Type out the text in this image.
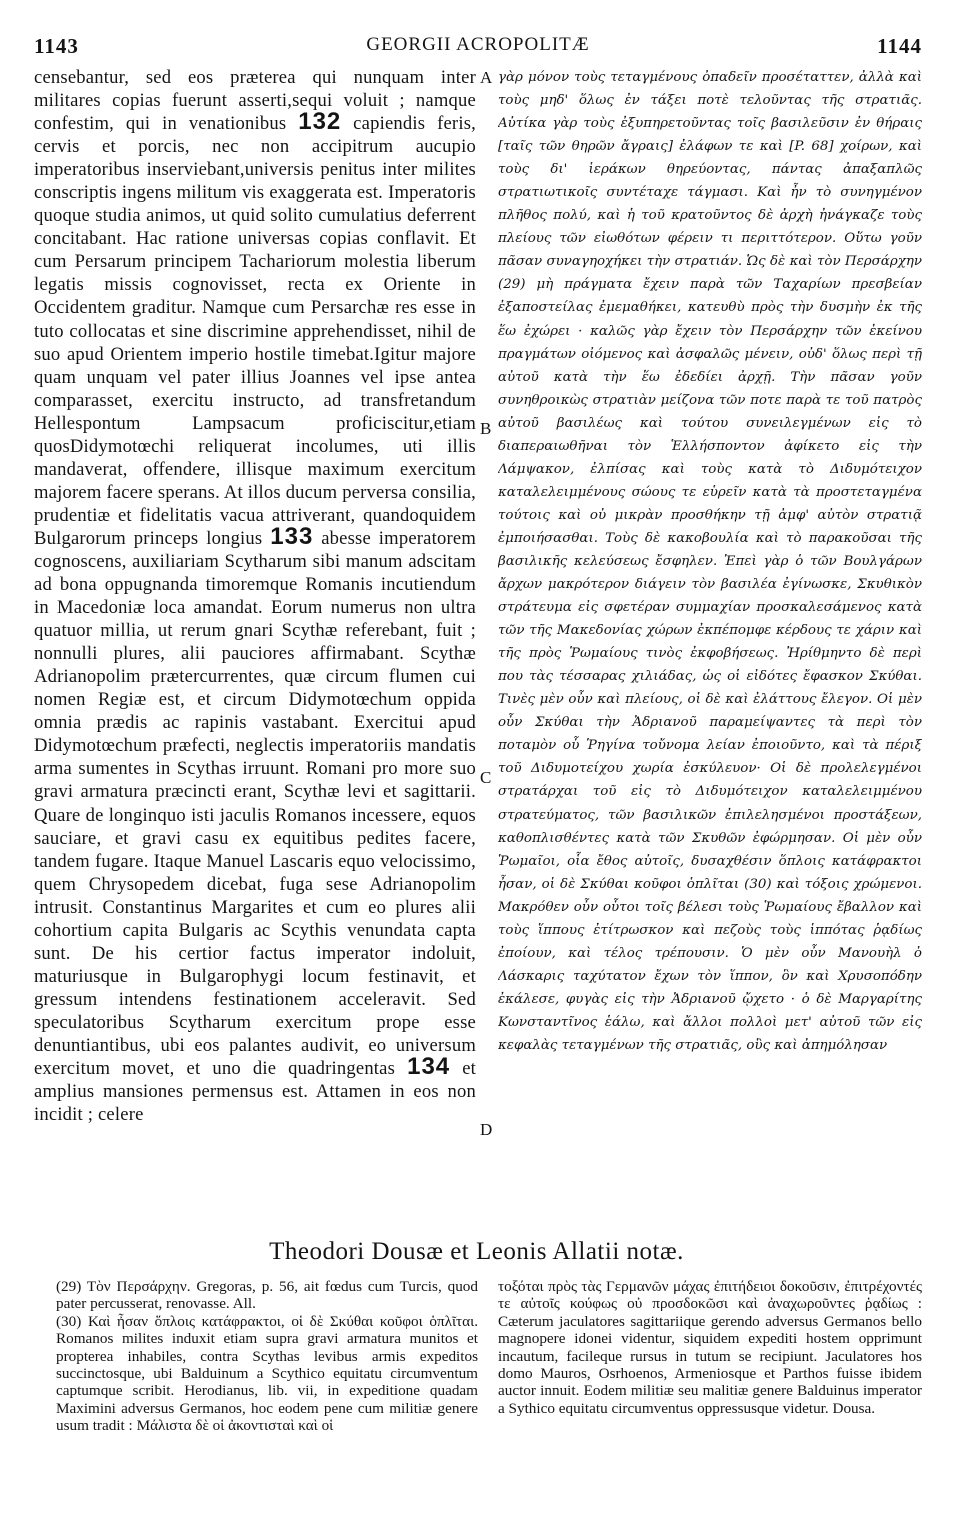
1143	GEORGII ACROPOLITÆ	1144

censebantur, sed eos præterea qui nunquam inter militares copias fuerunt asserti,sequi voluit ; namque confestim, qui in venationibus 132 capiendis feris, cervis et porcis, nec non accipitrum aucupio imperatoribus inserviebant,universis penitus inter milites conscriptis ingens militum vis exaggerata est. Imperatoris quoque studia animos, ut quid solito cumulatius deferrent concitabant. Hac ratione universas copias conflavit. Et cum Persarum principem Tachariorum molestia liberum legatis missis cognovisset, recta ex Oriente in Occidentem graditur. Namque cum Persarchæ res esse in tuto collocatas et sine discrimine apprehendisset, nihil de suo apud Orientem imperio hostile timebat.Igitur majore quam unquam vel pater illius Joannes vel ipse antea comparasset, exercitu instructo, ad transfretandum Hellespontum Lampsacum proficiscitur,etiam quosDidymotœchi reliquerat incolumes, uti illis mandaverat, offendere, illisque maximum exercitum majorem facere sperans. At illos ducum perversa consilia, prudentiæ et fidelitatis vacua attriverant, quandoquidem Bulgarorum princeps longius 133 abesse imperatorem cognoscens, auxiliariam Scytharum sibi manum adscitam ad bona oppugnanda timoremque Romanis incutiendum in Macedoniæ loca amandat. Eorum numerus non ultra quatuor millia, ut rerum gnari Scythæ referebant, fuit ; nonnulli plures, alii pauciores affirmabant. Scythæ Adrianopolim prætercurrentes, quæ circum flumen cui nomen Regiæ est, et circum Didymotœchum oppida omnia prædis ac rapinis vastabant. Exercitui apud Didymotœchum præfecti, neglectis imperatoriis mandatis arma sumentes in Scythas irruunt. Romani pro more suo gravi armatura præcincti erant, Scythæ levi et sagittarii. Quare de longinquo isti jaculis Romanos incessere, equos sauciare, et gravi casu ex equitibus pedites facere, tandem fugare. Itaque Manuel Lascaris equo velocissimo, quem Chrysopedem dicebat, fuga sese Adrianopolim intrusit. Constantinus Margarites et cum eo plures alii cohortium capita Bulgaris ac Scythis venundata capta sunt. De his certior factus imperator indoluit, maturiusque in Bulgarophygi locum festinavit, et gressum intendens festinationem acceleravit. Sed speculatoribus Scytharum exercitum prope esse denuntiantibus, ubi eos palantes audivit, eo universum exercitum movet, et uno die quadringentas 134 et amplius mansiones permensus est. Attamen in eos non incidit ; celere

A
B
C
D

γὰρ μόνον τοὺς τεταγμένους ὀπαδεῖν προσέταττεν, ἀλλὰ καὶ τοὺς μηδ' ὅλως ἐν τάξει ποτὲ τελοῦντας τῆς στρατιᾶς. Αὐτίκα γὰρ τοὺς ἐξυπηρετοῦντας τοῖς βασιλεῦσιν ἐν θήραις [ταῖς τῶν θηρῶν ἄγραις] ἐλάφων τε καὶ [P. 68] χοίρων, καὶ τοὺς δι' ἱεράκων θηρεύοντας, πάντας ἀπαξαπλῶς στρατιωτικοῖς συντέταχε τάγμασι. Καὶ ἦν τὸ συνηγμένον πλῆθος πολύ, καὶ ἡ τοῦ κρατοῦντος δὲ ἀρχὴ ἠνάγκαζε τοὺς πλείους τῶν εἰωθότων φέρειν τι περιττότερον. Οὕτω γοῦν πᾶσαν συναγηοχήκει τὴν στρατιάν. Ὡς δὲ καὶ τὸν Περσάρχην (29) μὴ πράγματα ἔχειν παρὰ τῶν Ταχαρίων πρεσβείαν ἐξαποστείλας ἐμεμαθήκει, κατευθὺ πρὸς τὴν δυσμὴν ἐκ τῆς ἕω ἐχώρει · καλῶς γὰρ ἔχειν τὸν Περσάρχην τῶν ἐκείνου πραγμάτων οἰόμενος καὶ ἀσφαλῶς μένειν, οὐδ' ὅλως περὶ τῇ αὐτοῦ κατὰ τὴν ἕω ἐδεδίει ἀρχῇ. Τὴν πᾶσαν γοῦν συνηθροικὼς στρατιὰν μείζονα τῶν ποτε παρὰ τε τοῦ πατρὸς αὐτοῦ βασιλέως καὶ τούτου συνειλεγμένων εἰς τὸ διαπεραιωθῆναι τὸν Ἑλλήσποντον ἀφίκετο εἰς τὴν Λάμψακον, ἐλπίσας καὶ τοὺς κατὰ τὸ Διδυμότειχον καταλελειμμένους σώους τε εὑρεῖν κατὰ τὰ προστεταγμένα τούτοις καὶ οὐ μικρὰν προσθήκην τῇ ἀμφ' αὐτὸν στρατιᾷ ἐμποιήσασθαι. Τοὺς δὲ κακοβουλία καὶ τὸ παρακοῦσαι τῆς βασιλικῆς κελεύσεως ἔσφηλεν. Ἐπεὶ γὰρ ὁ τῶν Βουλγάρων ἄρχων μακρότερον διάγειν τὸν βασιλέα ἐγίνωσκε, Σκυθικὸν στράτευμα εἰς σφετέραν συμμαχίαν προσκαλεσάμενος κατὰ τῶν τῆς Μακεδονίας χώρων ἐκπέπομφε κέρδους τε χάριν καὶ τῆς πρὸς Ῥωμαίους τινὸς ἐκφοβήσεως. Ἠρίθμηντο δὲ περὶ που τὰς τέσσαρας χιλιάδας, ὡς οἱ εἰδότες ἔφασκον Σκύθαι. Τινὲς μὲν οὖν καὶ πλείους, οἱ δὲ καὶ ἐλάττους ἔλεγον. Οἱ μὲν οὖν Σκύθαι τὴν Ἀδριανοῦ παραμείψαντες τὰ περὶ τὸν ποταμὸν οὗ Ῥηγίνα τοὔνομα λείαν ἐποιοῦντο, καὶ τὰ πέριξ τοῦ Διδυμοτείχου χωρία ἐσκύλευον· Οἱ δὲ προλελεγμένοι στρατάρχαι τοῦ εἰς τὸ Διδυμότειχον καταλελειμμένου στρατεύματος, τῶν βασιλικῶν ἐπιλελησμένοι προστάξεων, καθοπλισθέντες κατὰ τῶν Σκυθῶν ἐφώρμησαν. Οἱ μὲν οὖν Ῥωμαῖοι, οἷα ἔθος αὐτοῖς, δυσαχθέσιν ὅπλοις κατάφρακτοι ἦσαν, οἱ δὲ Σκύθαι κοῦφοι ὁπλῖται (30) καὶ τόξοις χρώμενοι. Μακρόθεν οὖν οὗτοι τοῖς βέλεσι τοὺς Ῥωμαίους ἔβαλλον καὶ τοὺς ἵππους ἐτίτρωσκον καὶ πεζοὺς τοὺς ἱππότας ῥᾳδίως ἐποίουν, καὶ τέλος τρέπουσιν. Ὁ μὲν οὖν Μανουὴλ ὁ Λάσκαρις ταχύτατον ἔχων τὸν ἵππον, ὃν καὶ Χρυσοπόδην ἐκάλεσε, φυγὰς εἰς τὴν Ἀδριανοῦ ᾤχετο · ὁ δὲ Μαργαρίτης Κωνσταντῖνος ἑάλω, καὶ ἄλλοι πολλοὶ μετ' αὐτοῦ τῶν εἰς κεφαλὰς τεταγμένων τῆς στρατιᾶς, οὓς καὶ ἀπημόλησαν

Theodori Dousæ et Leonis Allatii notæ.

(29) Τὸν Περσάρχην. Gregoras, p. 56, ait fœdus cum Turcis, quod pater percusserat, renovasse. All.

(30) Καὶ ἦσαν ὅπλοις κατάφρακτοι, οἱ δὲ Σκύθαι κοῦφοι ὁπλῖται. Romanos milites induxit etiam supra gravi armatura munitos et propterea inhabiles, contra Scythas levibus armis expeditos succinctosque, ubi Balduinum a Scythico equitatu circumventum captumque scribit. Herodianus, lib. vii, in expeditione quadam Maximini adversus Germanos, hoc eodem pene cum militiæ genere usum tradit : Μάλιστα δὲ οἱ ἀκοντισταὶ καὶ οἱ

τοξόται πρὸς τὰς Γερμανῶν μάχας ἐπιτήδειοι δοκοῦσιν, ἐπιτρέχοντές τε αὐτοῖς κούφως οὐ προσδοκῶσι καὶ ἀναχωροῦντες ῥᾳδίως : Cæterum jaculatores sagittariique gerendo adversus Germanos bello magnopere idonei videntur, siquidem expediti hostem opprimunt incautum, facileque rursus in tutum se recipiunt. Jaculatores hos domo Mauros, Osrhoenos, Armeniosque et Parthos fuisse ibidem auctor innuit. Eodem militiæ seu malitiæ genere Balduinus imperator a Sythico equitatu circumventus oppressusque videtur. Dousa.
